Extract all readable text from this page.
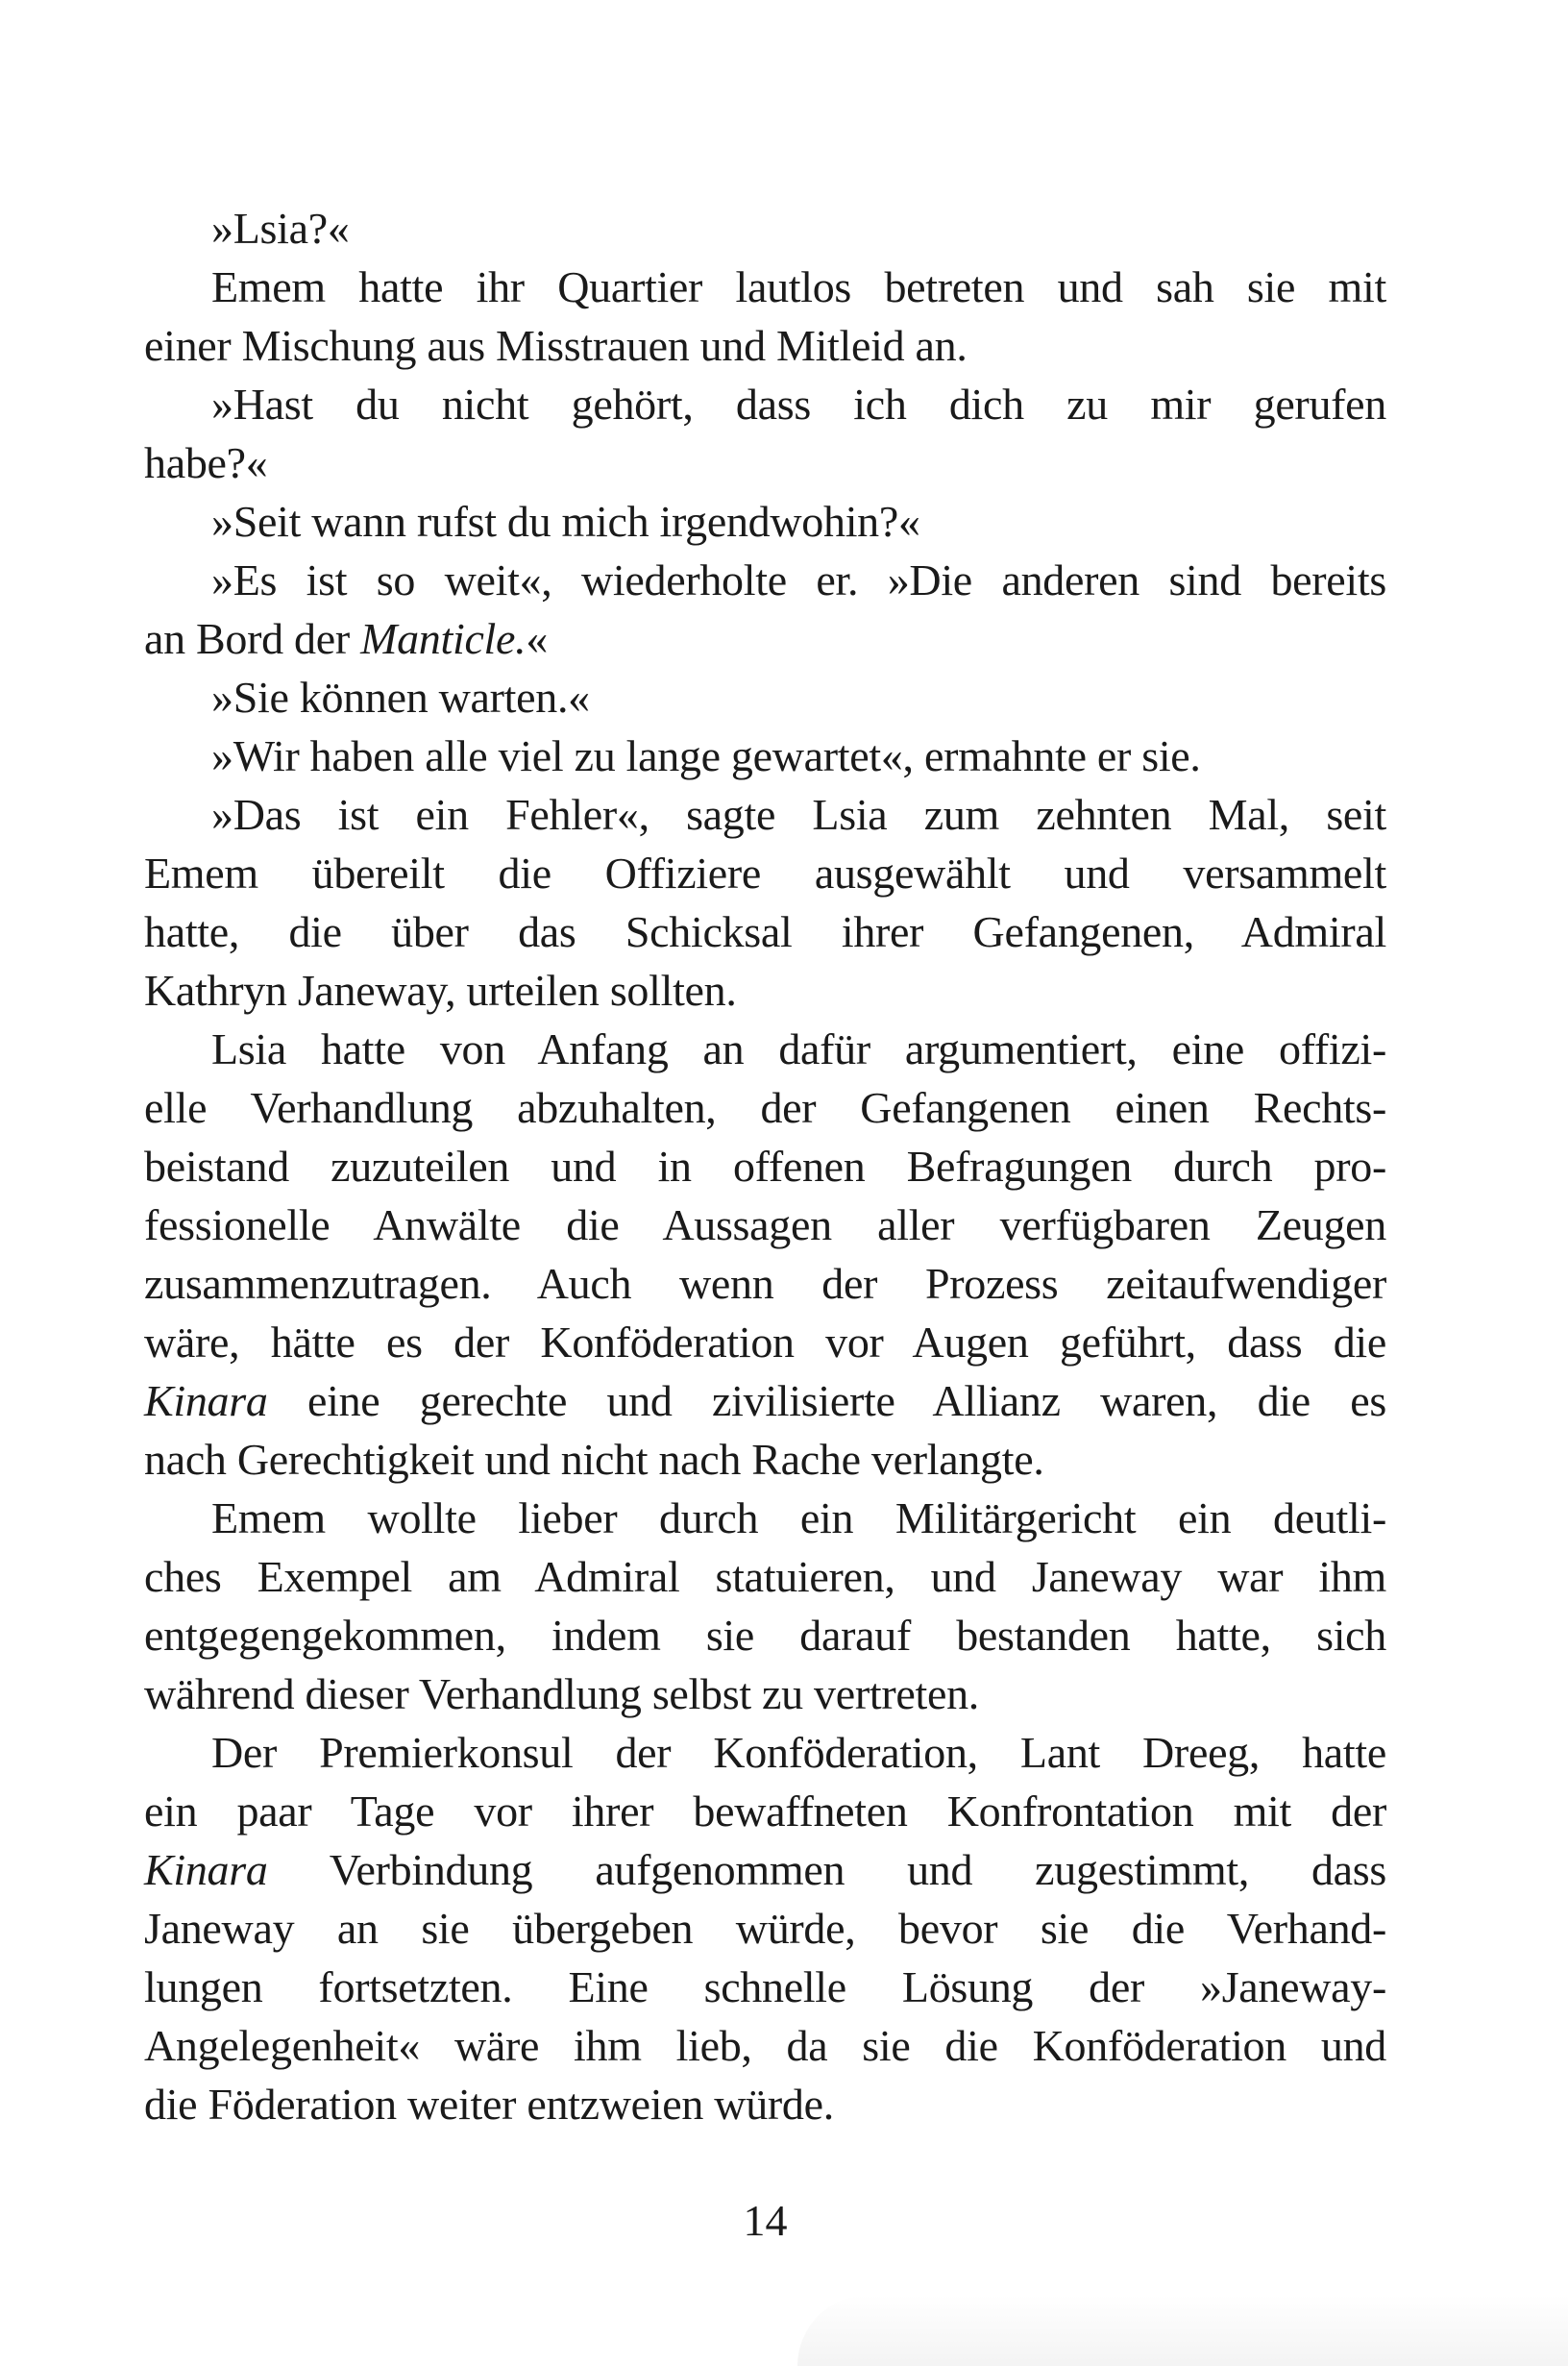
»Lsia?«
Emem hatte ihr Quartier lautlos betreten und sah sie mit
einer Mischung aus Misstrauen und Mitleid an.
»Hast du nicht gehört, dass ich dich zu mir gerufen
habe?«
»Seit wann rufst du mich irgendwohin?«
»Es ist so weit«, wiederholte er. »Die anderen sind bereits
an Bord der Manticle.«
»Sie können warten.«
»Wir haben alle viel zu lange gewartet«, ermahnte er sie.
»Das ist ein Fehler«, sagte Lsia zum zehnten Mal, seit
Emem übereilt die Offiziere ausgewählt und versammelt
hatte, die über das Schicksal ihrer Gefangenen, Admiral
Kathryn Janeway, urteilen sollten.
Lsia hatte von Anfang an dafür argumentiert, eine offizi-
elle Verhandlung abzuhalten, der Gefangenen einen Rechts-
beistand zuzuteilen und in offenen Befragungen durch pro-
fessionelle Anwälte die Aussagen aller verfügbaren Zeugen
zusammenzutragen. Auch wenn der Prozess zeitaufwendiger
wäre, hätte es der Konföderation vor Augen geführt, dass die
Kinara eine gerechte und zivilisierte Allianz waren, die es
nach Gerechtigkeit und nicht nach Rache verlangte.
Emem wollte lieber durch ein Militärgericht ein deutli-
ches Exempel am Admiral statuieren, und Janeway war ihm
entgegengekommen, indem sie darauf bestanden hatte, sich
während dieser Verhandlung selbst zu vertreten.
Der Premierkonsul der Konföderation, Lant Dreeg, hatte
ein paar Tage vor ihrer bewaffneten Konfrontation mit der
Kinara Verbindung aufgenommen und zugestimmt, dass
Janeway an sie übergeben würde, bevor sie die Verhand-
lungen fortsetzten. Eine schnelle Lösung der »Janeway-
Angelegenheit« wäre ihm lieb, da sie die Konföderation und
die Föderation weiter entzweien würde.
14
